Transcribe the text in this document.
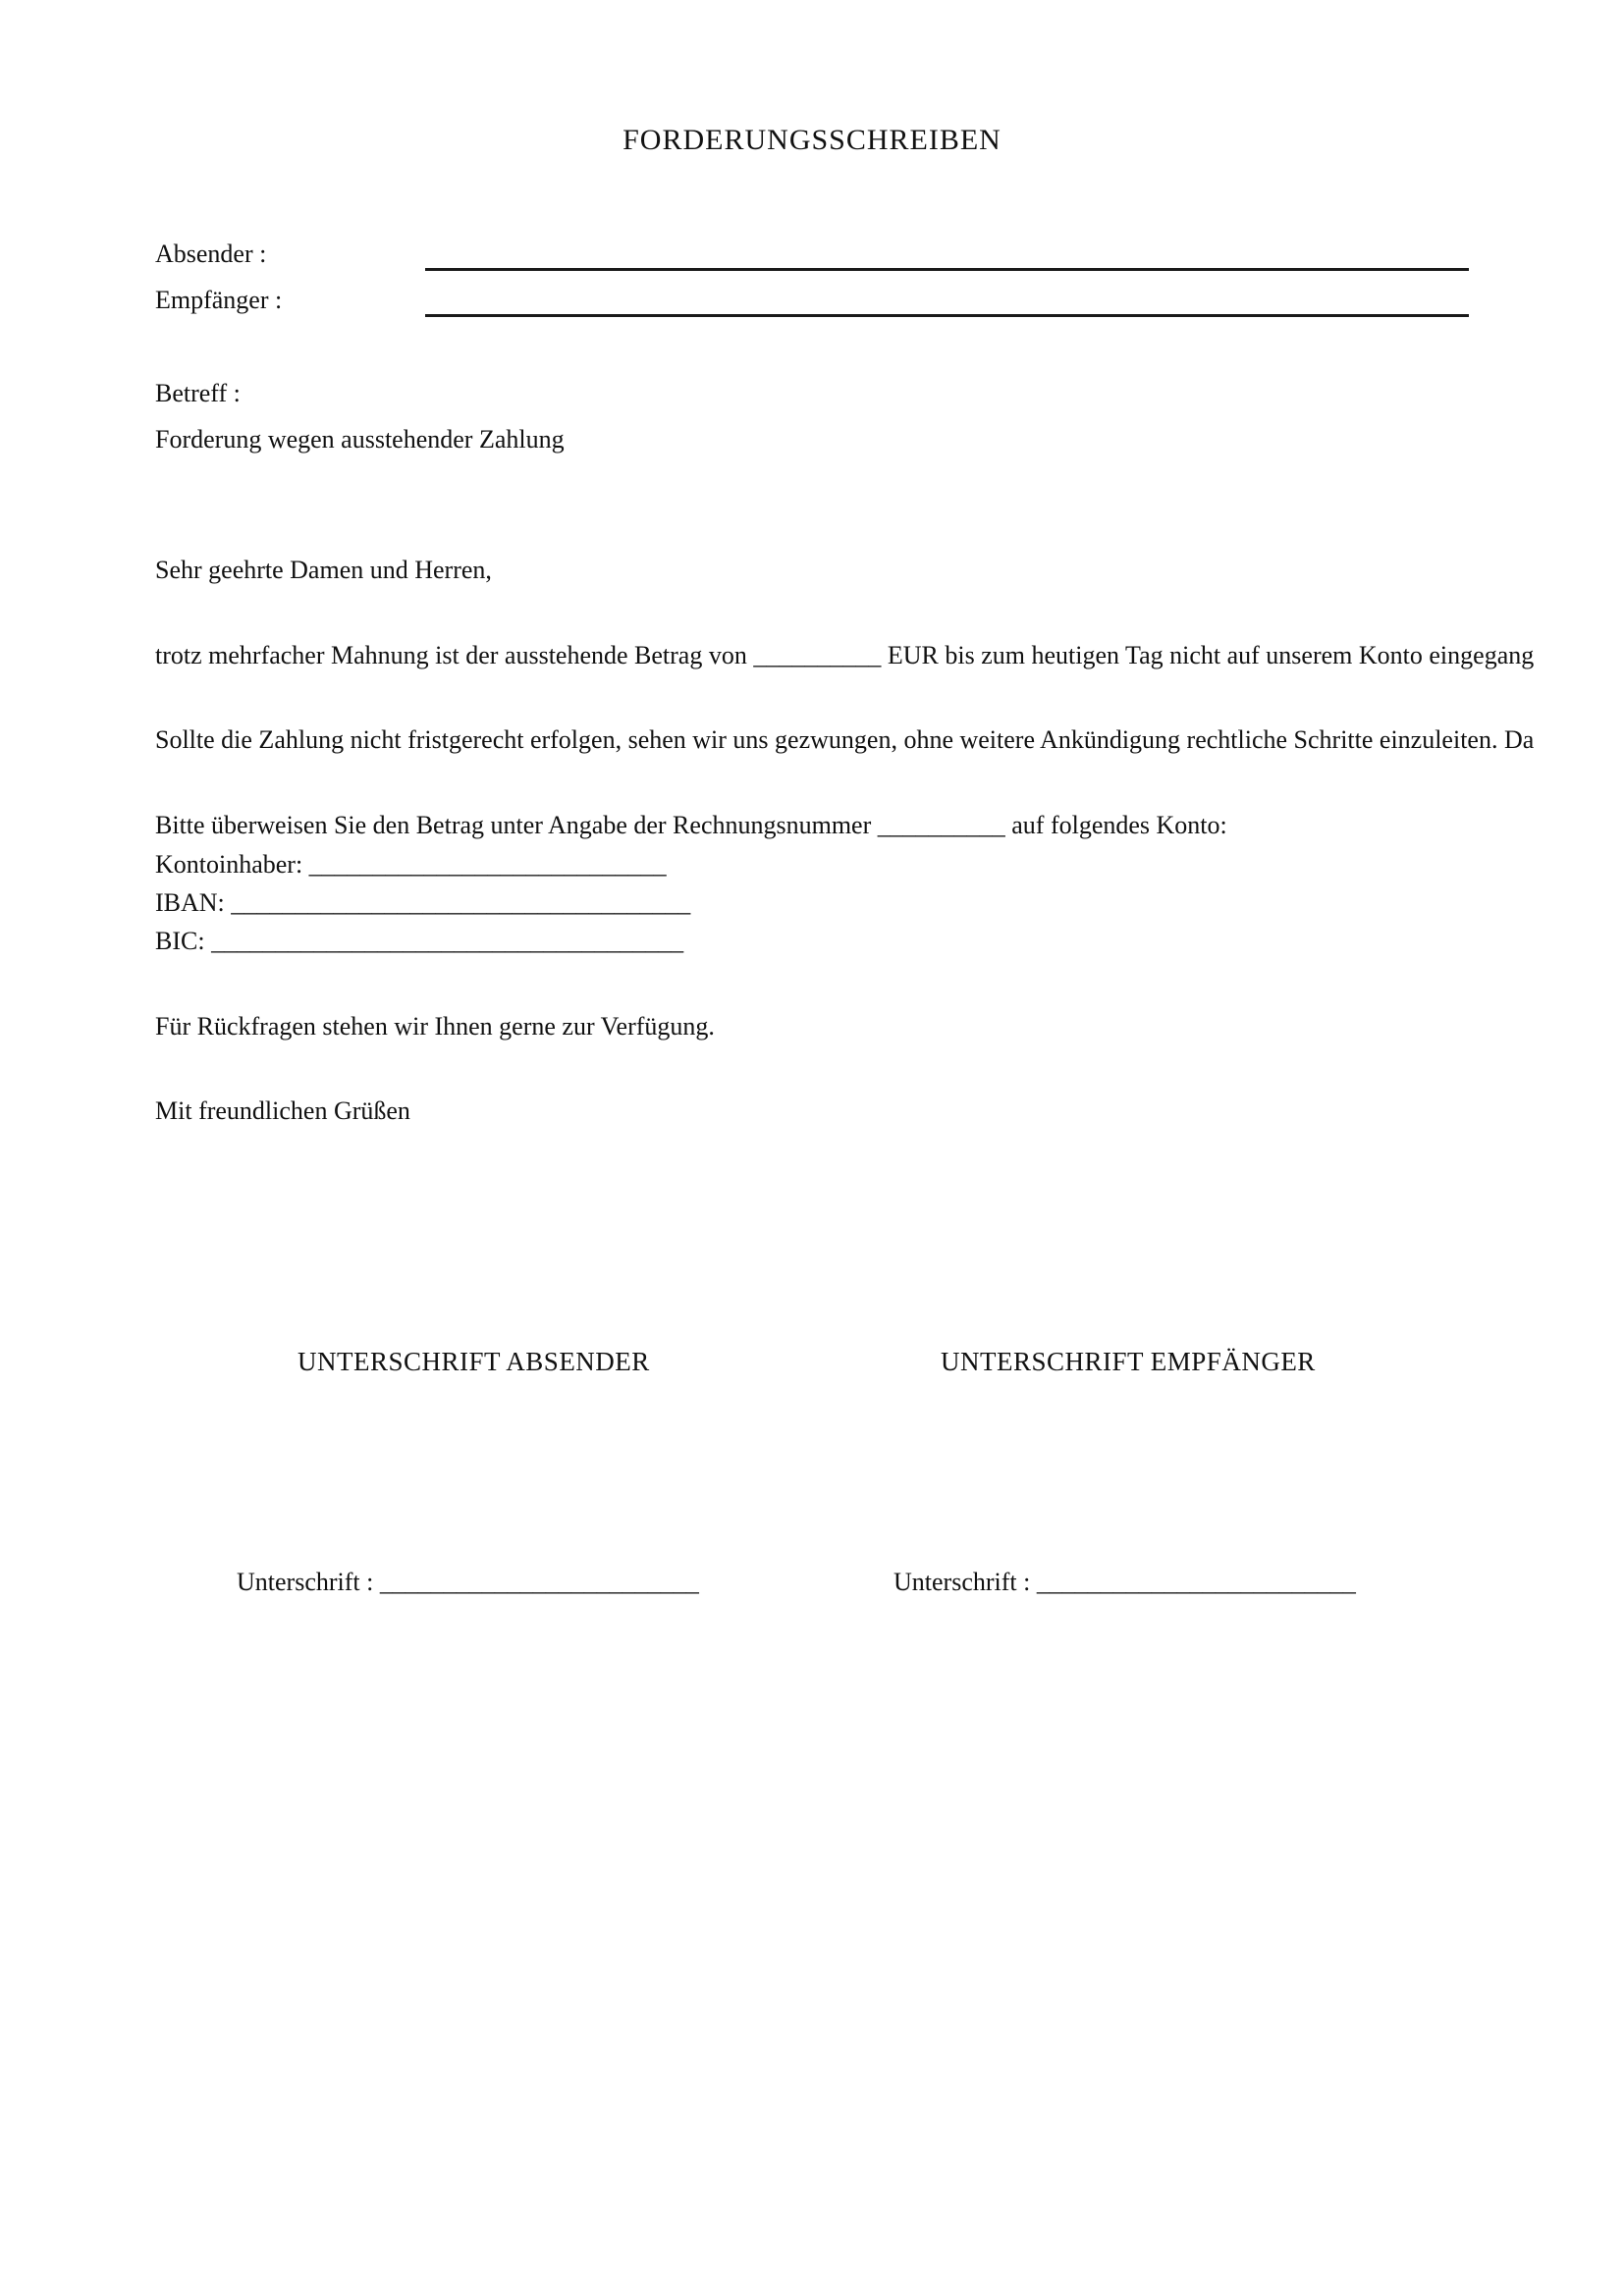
FORDERUNGSSCHREIBEN
Absender :
Empfänger :
Betreff :
Forderung wegen ausstehender Zahlung
Sehr geehrte Damen und Herren,
trotz mehrfacher Mahnung ist der ausstehende Betrag von __________ EUR bis zum heutigen Tag nicht auf unserem Konto eingegang
Sollte die Zahlung nicht fristgerecht erfolgen, sehen wir uns gezwungen, ohne weitere Ankündigung rechtliche Schritte einzuleiten. Da
Bitte überweisen Sie den Betrag unter Angabe der Rechnungsnummer __________ auf folgendes Konto:
Kontoinhaber: ____________________________
IBAN: ____________________________________
BIC: _____________________________________
Für Rückfragen stehen wir Ihnen gerne zur Verfügung.
Mit freundlichen Grüßen
UNTERSCHRIFT ABSENDER	UNTERSCHRIFT EMPFÄNGER
Unterschrift : _________________________	Unterschrift : _________________________
